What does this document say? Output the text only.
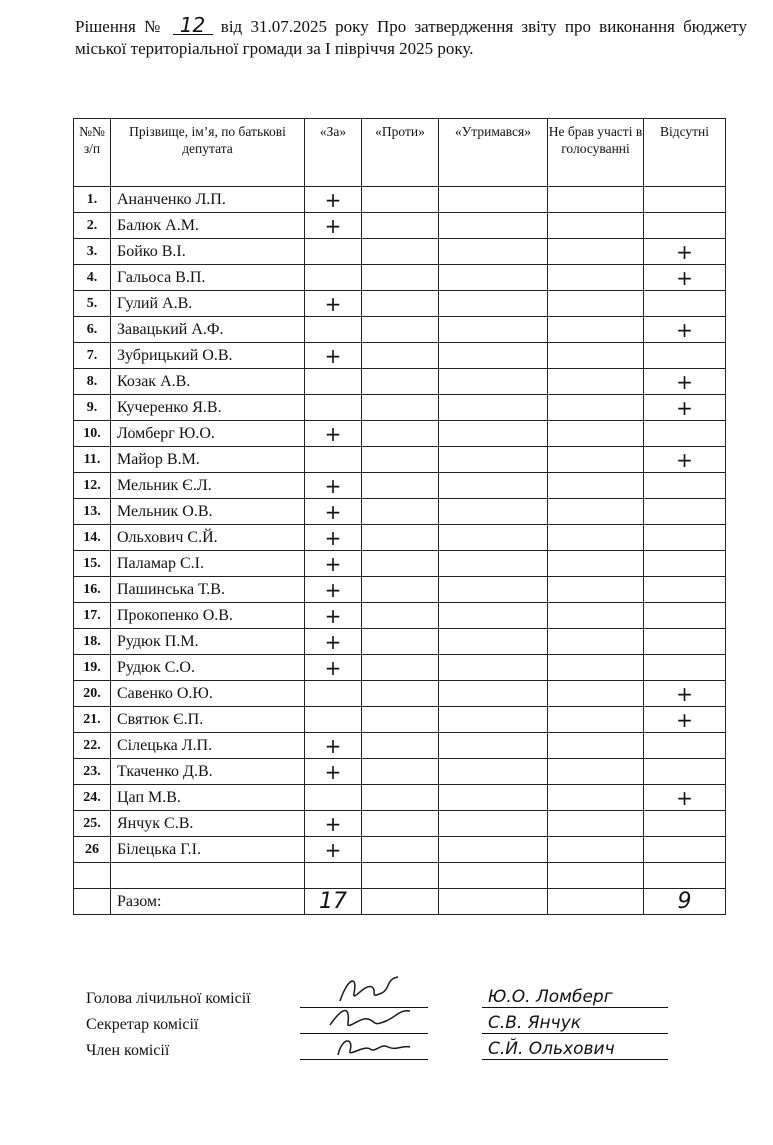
Рішення № 12 від 31.07.2025 року Про затвердження звіту про виконання бюджету міської територіальної громади за І півріччя 2025 року.
№№ з/п	Прізвище, ім’я, по батькові депутата	«За»	«Проти»	«Утримався»	Не брав участі в голосуванні	Відсутні
1.	Ананченко Л.П.	+				
2.	Балюк А.М.	+				
3.	Бойко В.І.					+
4.	Гальоса В.П.					+
5.	Гулий А.В.	+				
6.	Завацький А.Ф.					+
7.	Зубрицький О.В.	+				
8.	Козак А.В.					+
9.	Кучеренко Я.В.					+
10.	Ломберг Ю.О.	+				
11.	Майор В.М.					+
12.	Мельник Є.Л.	+				
13.	Мельник О.В.	+				
14.	Ольхович С.Й.	+				
15.	Паламар С.І.	+				
16.	Пашинська Т.В.	+				
17.	Прокопенко О.В.	+				
18.	Рудюк П.М.	+				
19.	Рудюк С.О.	+				
20.	Савенко О.Ю.					+
21.	Святюк Є.П.					+
22.	Сілецька Л.П.	+				
23.	Ткаченко Д.В.	+				
24.	Цап М.В.					+
25.	Янчук С.В.	+				
26	Білецька Г.І.	+				

	Разом:	17				9
Голова лічильної комісії	Ю.О. Ломберг
Секретар комісії	С.В. Янчук
Член комісії	С.Й. Ольхович
